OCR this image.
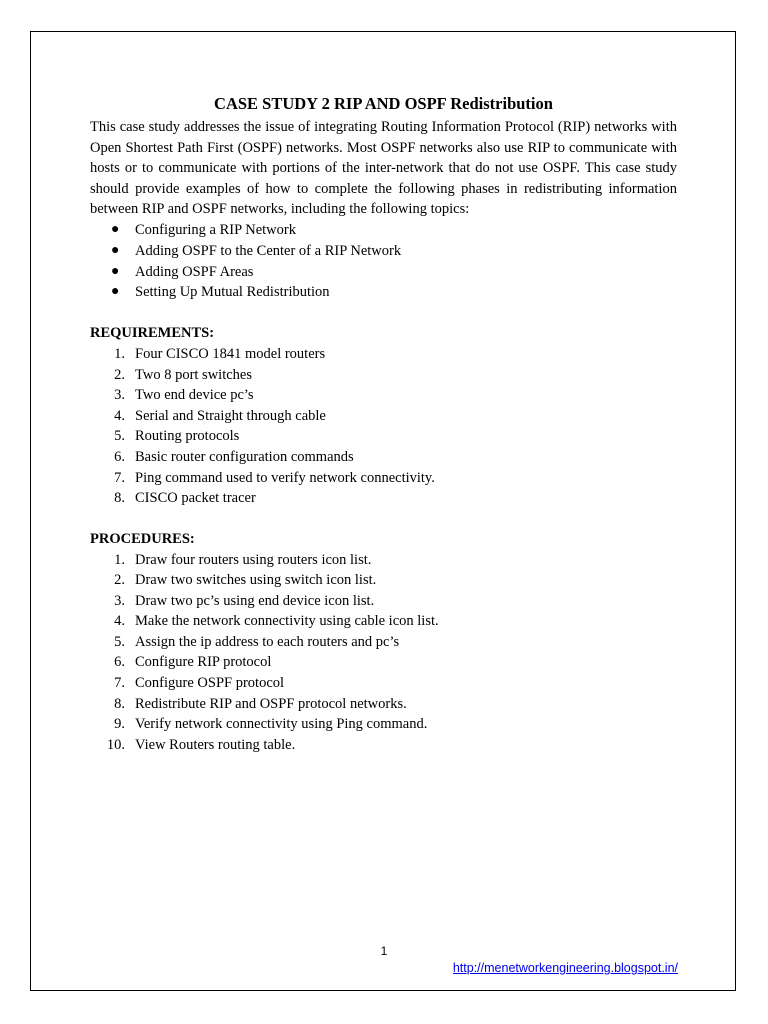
CASE STUDY 2 RIP AND OSPF Redistribution

This case study addresses the issue of integrating Routing Information Protocol (RIP) networks with Open Shortest Path First (OSPF) networks. Most OSPF networks also use RIP to communicate with hosts or to communicate with portions of the inter-network that do not use OSPF. This case study should provide examples of how to complete the following phases in redistributing information between RIP and OSPF networks, including the following topics:

● Configuring a RIP Network
● Adding OSPF to the Center of a RIP Network
● Adding OSPF Areas
● Setting Up Mutual Redistribution
REQUIREMENTS:
1. Four CISCO 1841 model routers
2. Two 8 port switches
3. Two end device pc’s
4. Serial and Straight through cable
5. Routing protocols
6. Basic router configuration commands
7. Ping command used to verify network connectivity.
8. CISCO packet tracer
PROCEDURES:
1. Draw four routers using routers icon list.
2. Draw two switches using switch icon list.
3. Draw two pc’s using end device icon list.
4. Make the network connectivity using cable icon list.
5. Assign the ip address to each routers and pc’s
6. Configure RIP protocol
7. Configure OSPF protocol
8. Redistribute RIP and OSPF protocol networks.
9. Verify network connectivity using Ping command.
10. View Routers routing table.
1
http://menetworkengineering.blogspot.in/
